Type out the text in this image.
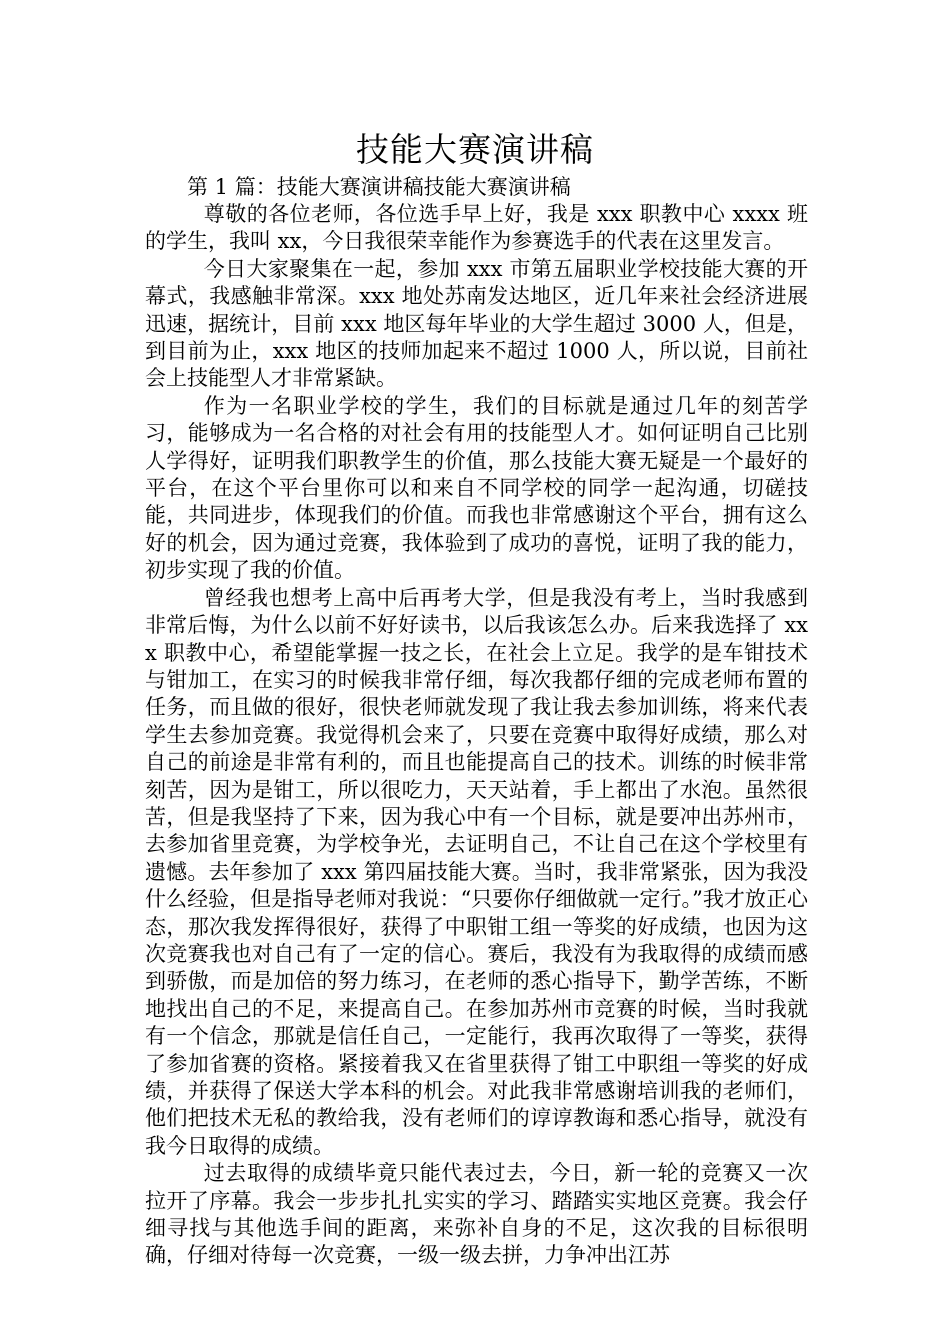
技能大赛演讲稿

第 1 篇：技能大赛演讲稿技能大赛演讲稿

尊敬的各位老师，各位选手早上好，我是 xxx 职教中心 xxxx 班的学生，我叫 xx，今日我很荣幸能作为参赛选手的代表在这里发言。

今日大家聚集在一起，参加 xxx 市第五届职业学校技能大赛的开幕式，我感触非常深。xxx 地处苏南发达地区，近几年来社会经济进展迅速，据统计，目前 xxx 地区每年毕业的大学生超过 3000 人，但是，到目前为止，xxx 地区的技师加起来不超过 1000 人，所以说，目前社会上技能型人才非常紧缺。

作为一名职业学校的学生，我们的目标就是通过几年的刻苦学习，能够成为一名合格的对社会有用的技能型人才。如何证明自己比别人学得好，证明我们职教学生的价值，那么技能大赛无疑是一个最好的平台，在这个平台里你可以和来自不同学校的同学一起沟通，切磋技能，共同进步，体现我们的价值。而我也非常感谢这个平台，拥有这么好的机会，因为通过竞赛，我体验到了成功的喜悦，证明了我的能力，初步实现了我的价值。

曾经我也想考上高中后再考大学，但是我没有考上，当时我感到非常后悔，为什么以前不好好读书，以后我该怎么办。后来我选择了 xxx 职教中心，希望能掌握一技之长，在社会上立足。我学的是车钳技术与钳加工，在实习的时候我非常仔细，每次我都仔细的完成老师布置的任务，而且做的很好，很快老师就发现了我让我去参加训练，将来代表学生去参加竞赛。我觉得机会来了，只要在竞赛中取得好成绩，那么对自己的前途是非常有利的，而且也能提高自己的技术。训练的时候非常刻苦，因为是钳工，所以很吃力，天天站着，手上都出了水泡。虽然很苦，但是我坚持了下来，因为我心中有一个目标，就是要冲出苏州市，去参加省里竞赛，为学校争光，去证明自己，不让自己在这个学校里有遗憾。去年参加了 xxx 第四届技能大赛。当时，我非常紧张，因为我没什么经验，但是指导老师对我说：“只要你仔细做就一定行。”我才放正心态，那次我发挥得很好，获得了中职钳工组一等奖的好成绩，也因为这次竞赛我也对自己有了一定的信心。赛后，我没有为我取得的成绩而感到骄傲，而是加倍的努力练习，在老师的悉心指导下，勤学苦练，不断地找出自己的不足，来提高自己。在参加苏州市竞赛的时候，当时我就有一个信念，那就是信任自己，一定能行，我再次取得了一等奖，获得了参加省赛的资格。紧接着我又在省里获得了钳工中职组一等奖的好成绩，并获得了保送大学本科的机会。对此我非常感谢培训我的老师们，他们把技术无私的教给我，没有老师们的谆谆教诲和悉心指导，就没有我今日取得的成绩。

过去取得的成绩毕竟只能代表过去，今日，新一轮的竞赛又一次拉开了序幕。我会一步步扎扎实实的学习、踏踏实实地区竞赛。我会仔细寻找与其他选手间的距离，来弥补自身的不足，这次我的目标很明确，仔细对待每一次竞赛，一级一级去拼，力争冲出江苏
